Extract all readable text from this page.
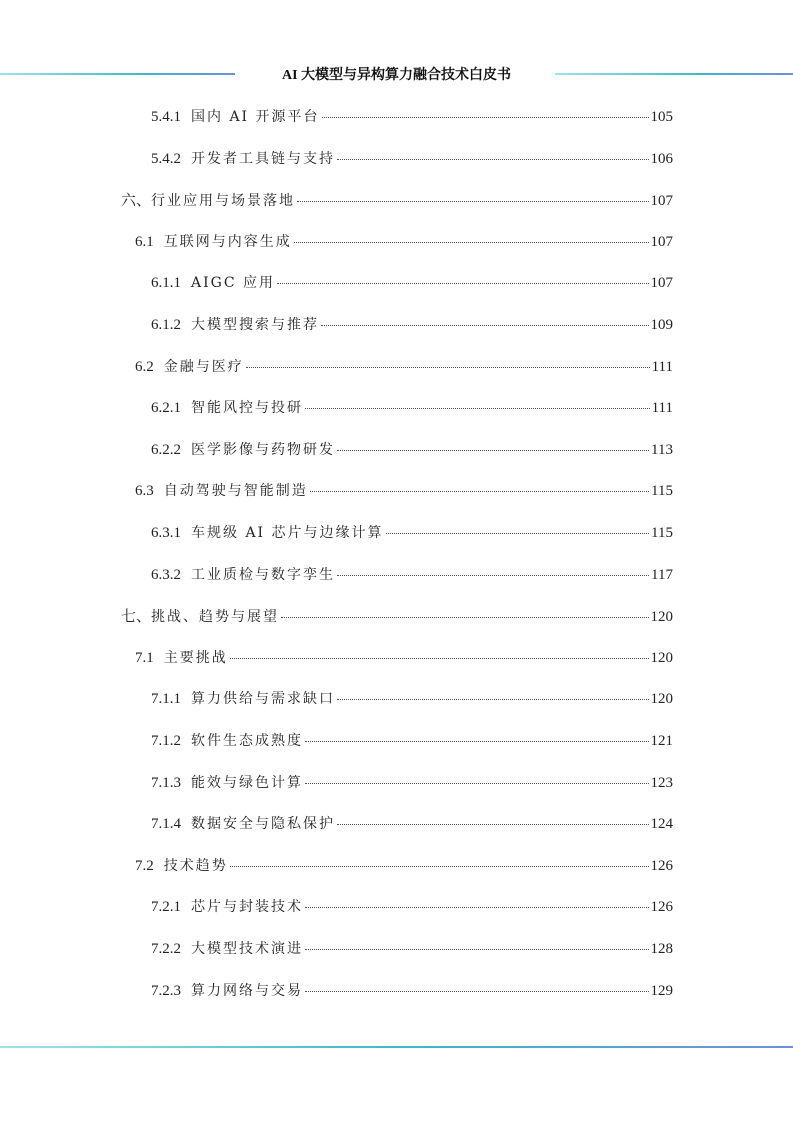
AI 大模型与异构算力融合技术白皮书
5.4.1 国内 AI 开源平台	105
5.4.2 开发者工具链与支持	106
六、 行业应用与场景落地	107
6.1 互联网与内容生成	107
6.1.1 AIGC 应用	107
6.1.2 大模型搜索与推荐	109
6.2 金融与医疗	111
6.2.1 智能风控与投研	111
6.2.2 医学影像与药物研发	113
6.3 自动驾驶与智能制造	115
6.3.1 车规级 AI 芯片与边缘计算	115
6.3.2 工业质检与数字孪生	117
七、 挑战、趋势与展望	120
7.1 主要挑战	120
7.1.1 算力供给与需求缺口	120
7.1.2 软件生态成熟度	121
7.1.3 能效与绿色计算	123
7.1.4 数据安全与隐私保护	124
7.2 技术趋势	126
7.2.1 芯片与封装技术	126
7.2.2 大模型技术演进	128
7.2.3 算力网络与交易	129
